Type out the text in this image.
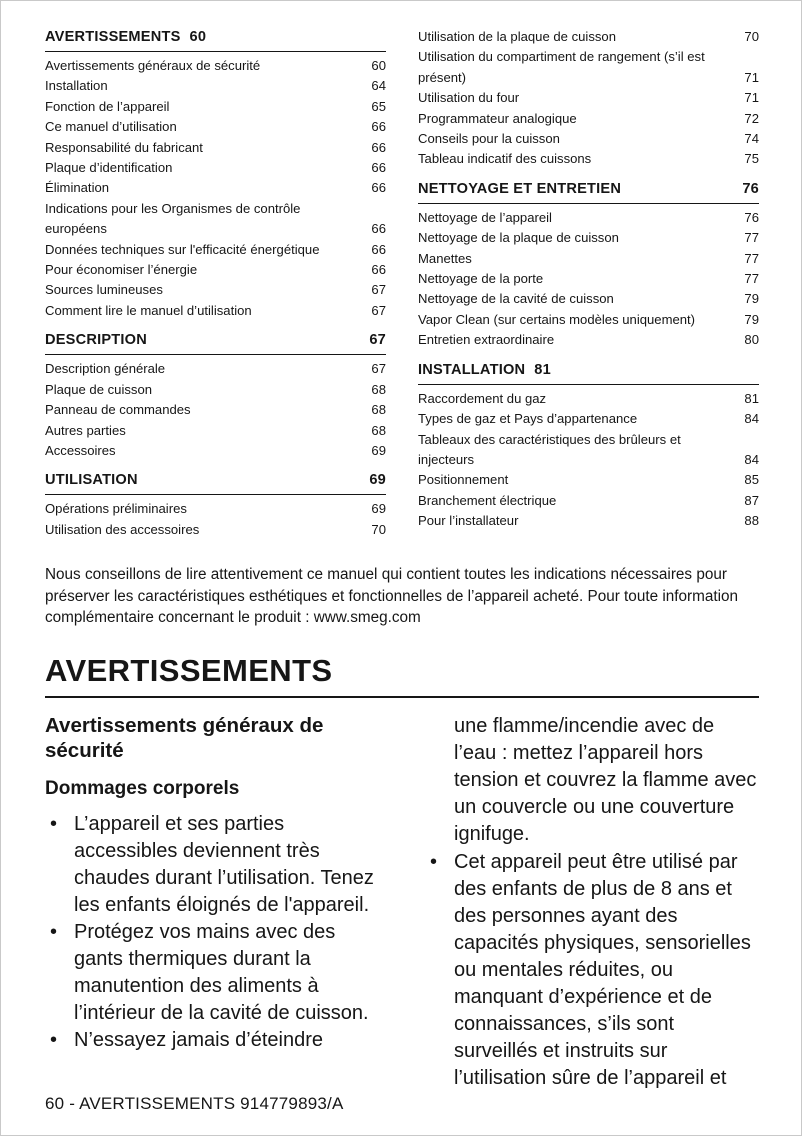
AVERTISSEMENTS 60
Avertissements généraux de sécurité	60
Installation	64
Fonction de l’appareil	65
Ce manuel d’utilisation	66
Responsabilité du fabricant	66
Plaque d’identification	66
Élimination	66
Indications pour les Organismes de contrôle européens	66
Données techniques sur l'efficacité énergétique	66
Pour économiser l’énergie	66
Sources lumineuses	67
Comment lire le manuel d’utilisation	67
DESCRIPTION	67
Description générale	67
Plaque de cuisson	68
Panneau de commandes	68
Autres parties	68
Accessoires	69
UTILISATION	69
Opérations préliminaires	69
Utilisation des accessoires	70
Utilisation de la plaque de cuisson	70
Utilisation du compartiment de rangement (s’il est présent)	71
Utilisation du four	71
Programmateur analogique	72
Conseils pour la cuisson	74
Tableau indicatif des cuissons	75
NETTOYAGE ET ENTRETIEN	76
Nettoyage de l’appareil	76
Nettoyage de la plaque de cuisson	77
Manettes	77
Nettoyage de la porte	77
Nettoyage de la cavité de cuisson	79
Vapor Clean (sur certains modèles uniquement)	79
Entretien extraordinaire	80
INSTALLATION 81
Raccordement du gaz	81
Types de gaz et Pays d’appartenance	84
Tableaux des caractéristiques des brûleurs et injecteurs	84
Positionnement	85
Branchement électrique	87
Pour l’installateur	88

Nous conseillons de lire attentivement ce manuel qui contient toutes les indications nécessaires pour préserver les caractéristiques esthétiques et fonctionnelles de l’appareil acheté. Pour toute information complémentaire concernant le produit : www.smeg.com

AVERTISSEMENTS
Avertissements généraux de sécurité
Dommages corporels
• L’appareil et ses parties accessibles deviennent très chaudes durant l’utilisation. Tenez les enfants éloignés de l'appareil.
• Protégez vos mains avec des gants thermiques durant la manutention des aliments à l’intérieur de la cavité de cuisson.
• N’essayez jamais d’éteindre

une flamme/incendie avec de l’eau : mettez l’appareil hors tension et couvrez la flamme avec un couvercle ou une couverture ignifuge.

• Cet appareil peut être utilisé par des enfants de plus de 8 ans et des personnes ayant des capacités physiques, sensorielles ou mentales réduites, ou manquant d’expérience et de connaissances, s’ils sont surveillés et instruits sur l’utilisation sûre de l’appareil et
60 - AVERTISSEMENTS 914779893/A
